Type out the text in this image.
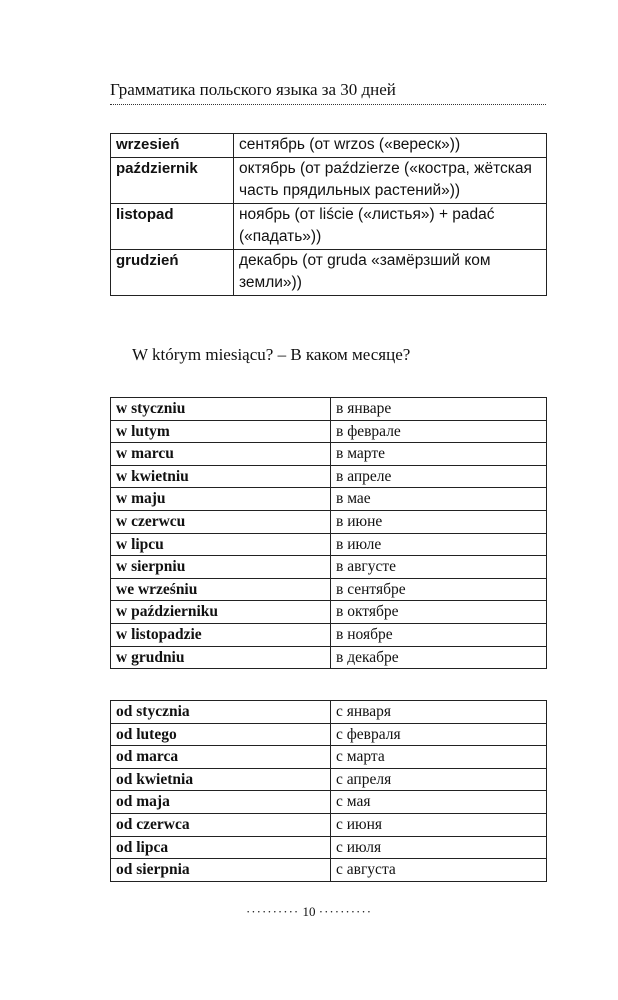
Грамматика польского языка за 30 дней
wrzesień	сентябрь (от wrzos («вереск»))
październik	октябрь (от paździerze («костра, жётская часть прядильных растений»))
listopad	ноябрь (от liście («листья») + padać («падать»))
grudzień	декабрь (от gruda «замёрзший ком земли»))
W którym miesiącu? – В каком месяце?
w styczniu	в январе
w lutym	в феврале
w marcu	в марте
w kwietniu	в апреле
w maju	в мае
w czerwcu	в июне
w lipcu	в июле
w sierpniu	в августе
we wrześniu	в сентябре
w październiku	в октябре
w listopadzie	в ноябре
w grudniu	в декабре
od stycznia	с января
od lutego	с февраля
od marca	с марта
od kwietnia	с апреля
od maja	с мая
od czerwca	с июня
od lipca	с июля
od sierpnia	с августа
·········· 10 ··········
